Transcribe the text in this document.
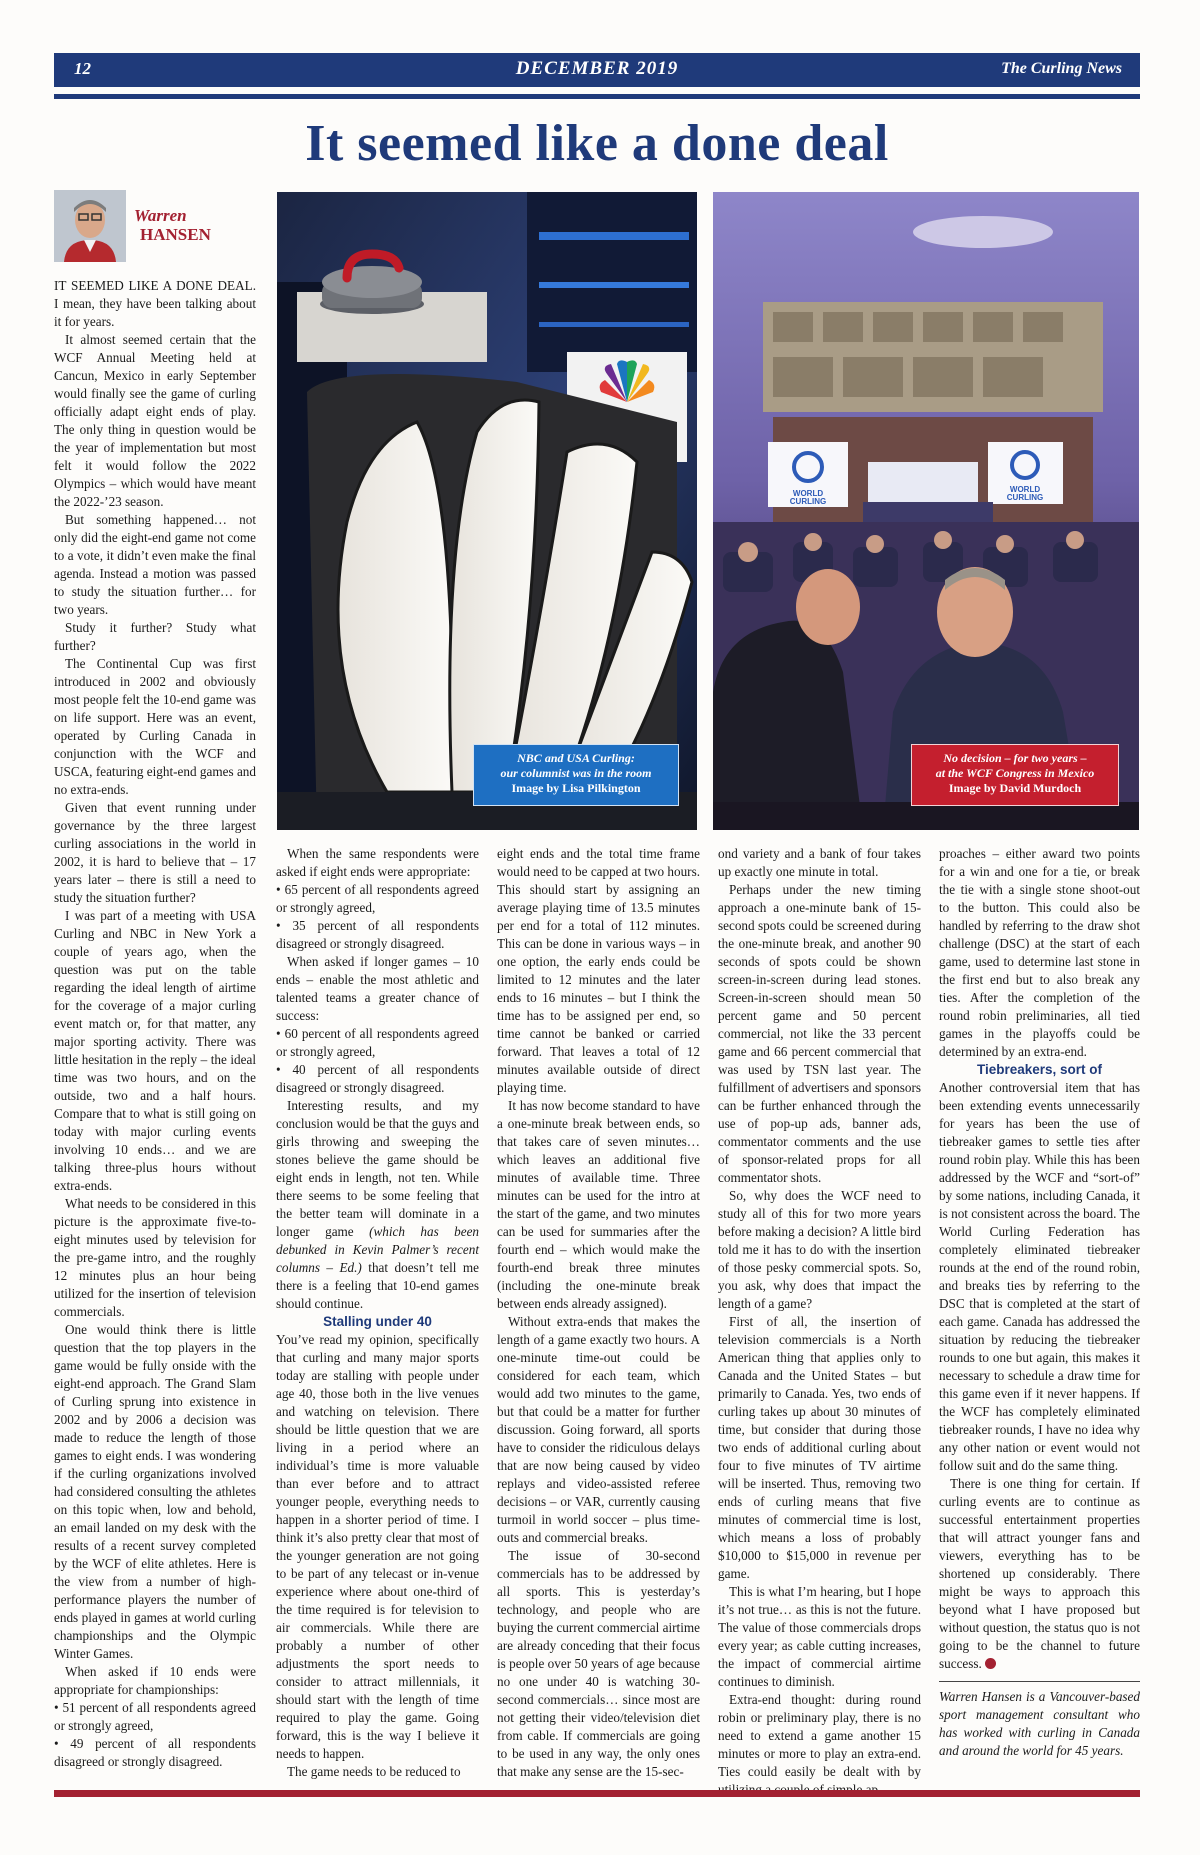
12	DECEMBER 2019	The Curling News
It seemed like a done deal
Warren
HANSEN
NBC and USA Curling:
our columnist was in the room
Image by Lisa Pilkington
WORLD
CURLING
WORLD
CURLING
No decision – for two years –
at the WCF Congress in Mexico
Image by David Murdoch

IT SEEMED LIKE A DONE DEAL. I mean, they have been talking about it for years.

It almost seemed certain that the WCF Annual Meeting held at Cancun, Mexico in early September would finally see the game of curling officially adapt eight ends of play. The only thing in question would be the year of implementation but most felt it would follow the 2022 Olympics – which would have meant the 2022-’23 season.

But something happened… not only did the eight-end game not come to a vote, it didn’t even make the final agenda. Instead a motion was passed to study the situation further… for two years.

Study it further? Study what further?

The Continental Cup was first introduced in 2002 and obviously most people felt the 10-end game was on life support. Here was an event, operated by Curling Canada in conjunction with the WCF and USCA, featuring eight-end games and no extra-ends.

Given that event running under governance by the three largest curling associations in the world in 2002, it is hard to believe that – 17 years later – there is still a need to study the situation further?

I was part of a meeting with USA Curling and NBC in New York a couple of years ago, when the question was put on the table regarding the ideal length of airtime for the coverage of a major curling event match or, for that matter, any major sporting activity. There was little hesitation in the reply – the ideal time was two hours, and on the outside, two and a half hours. Compare that to what is still going on today with major curling events involving 10 ends… and we are talking three-plus hours without extra-ends.

What needs to be considered in this picture is the approximate five-to-eight minutes used by television for the pre-game intro, and the roughly 12 minutes plus an hour being utilized for the insertion of television commercials.

One would think there is little question that the top players in the game would be fully onside with the eight-end approach. The Grand Slam of Curling sprung into existence in 2002 and by 2006 a decision was made to reduce the length of those games to eight ends. I was wondering if the curling organizations involved had considered consulting the athletes on this topic when, low and behold, an email landed on my desk with the results of a recent survey completed by the WCF of elite athletes. Here is the view from a number of high-performance players the number of ends played in games at world curling championships and the Olympic Winter Games.

When asked if 10 ends were appropriate for championships:

• 51 percent of all respondents agreed or strongly agreed,

• 49 percent of all respondents disagreed or strongly disagreed.

When the same respondents were asked if eight ends were appropriate:

• 65 percent of all respondents agreed or strongly agreed,

• 35 percent of all respondents disagreed or strongly disagreed.

When asked if longer games – 10 ends – enable the most athletic and talented teams a greater chance of success:

• 60 percent of all respondents agreed or strongly agreed,

• 40 percent of all respondents disagreed or strongly disagreed.

Interesting results, and my conclusion would be that the guys and girls throwing and sweeping the stones believe the game should be eight ends in length, not ten. While there seems to be some feeling that the better team will dominate in a longer game (which has been debunked in Kevin Palmer’s recent columns – Ed.) that doesn’t tell me there is a feeling that 10-end games should continue.

Stalling under 40

You’ve read my opinion, specifically that curling and many major sports today are stalling with people under age 40, those both in the live venues and watching on television. There should be little question that we are living in a period where an individual’s time is more valuable than ever before and to attract younger people, everything needs to happen in a shorter period of time. I think it’s also pretty clear that most of the younger generation are not going to be part of any telecast or in-venue experience where about one-third of the time required is for television to air commercials. While there are probably a number of other adjustments the sport needs to consider to attract millennials, it should start with the length of time required to play the game. Going forward, this is the way I believe it needs to happen.

The game needs to be reduced to

eight ends and the total time frame would need to be capped at two hours. This should start by assigning an average playing time of 13.5 minutes per end for a total of 112 minutes. This can be done in various ways – in one option, the early ends could be limited to 12 minutes and the later ends to 16 minutes – but I think the time has to be assigned per end, so time cannot be banked or carried forward. That leaves a total of 12 minutes available outside of direct playing time.

It has now become standard to have a one-minute break between ends, so that takes care of seven minutes… which leaves an additional five minutes of available time. Three minutes can be used for the intro at the start of the game, and two minutes can be used for summaries after the fourth end – which would make the fourth-end break three minutes (including the one-minute break between ends already assigned).

Without extra-ends that makes the length of a game exactly two hours. A one-minute time-out could be considered for each team, which would add two minutes to the game, but that could be a matter for further discussion. Going forward, all sports have to consider the ridiculous delays that are now being caused by video replays and video-assisted referee decisions – or VAR, currently causing turmoil in world soccer – plus time-outs and commercial breaks.

The issue of 30-second commercials has to be addressed by all sports. This is yesterday’s technology, and people who are buying the current commercial airtime are already conceding that their focus is people over 50 years of age because no one under 40 is watching 30-second commercials… since most are not getting their video/television diet from cable. If commercials are going to be used in any way, the only ones that make any sense are the 15-sec-

ond variety and a bank of four takes up exactly one minute in total.

Perhaps under the new timing approach a one-minute bank of 15-second spots could be screened during the one-minute break, and another 90 seconds of spots could be shown screen-in-screen during lead stones. Screen-in-screen should mean 50 percent game and 50 percent commercial, not like the 33 percent game and 66 percent commercial that was used by TSN last year. The fulfillment of advertisers and sponsors can be further enhanced through the use of pop-up ads, banner ads, commentator comments and the use of sponsor-related props for all commentator shots.

So, why does the WCF need to study all of this for two more years before making a decision? A little bird told me it has to do with the insertion of those pesky commercial spots. So, you ask, why does that impact the length of a game?

First of all, the insertion of television commercials is a North American thing that applies only to Canada and the United States – but primarily to Canada. Yes, two ends of curling takes up about 30 minutes of time, but consider that during those two ends of additional curling about four to five minutes of TV airtime will be inserted. Thus, removing two ends of curling means that five minutes of commercial time is lost, which means a loss of probably $10,000 to $15,000 in revenue per game.

This is what I’m hearing, but I hope it’s not true… as this is not the future. The value of those commercials drops every year; as cable cutting increases, the impact of commercial airtime continues to diminish.

Extra-end thought: during round robin or preliminary play, there is no need to extend a game another 15 minutes or more to play an extra-end. Ties could easily be dealt with by

proaches – either award two points for a win and one for a tie, or break the tie with a single stone shoot-out to the button. This could also be handled by referring to the draw shot challenge (DSC) at the start of each game, used to determine last stone in the first end but to also break any ties. After the completion of the round robin preliminaries, all tied games in the playoffs could be determined by an extra-end.

Tiebreakers, sort of

Another controversial item that has been extending events unnecessarily for years has been the use of tiebreaker games to settle ties after round robin play. While this has been addressed by the WCF and “sort-of” by some nations, including Canada, it is not consistent across the board. The World Curling Federation has completely eliminated tiebreaker rounds at the end of the round robin, and breaks ties by referring to the DSC that is completed at the start of each game. Canada has addressed the situation by reducing the tiebreaker rounds to one but again, this makes it necessary to schedule a draw time for this game even if it never happens. If the WCF has completely eliminated tiebreaker rounds, I have no idea why any other nation or event would not follow suit and do the same thing.

There is one thing for certain. If curling events are to continue as successful entertainment properties that will attract younger fans and viewers, everything has to be shortened up considerably. There might be ways to approach this beyond what I have proposed but without question, the status quo is not going to be the channel to future success.

Warren Hansen is a Vancouver-based sport management consultant who has worked with curling in Canada and around the world for 45 years.
